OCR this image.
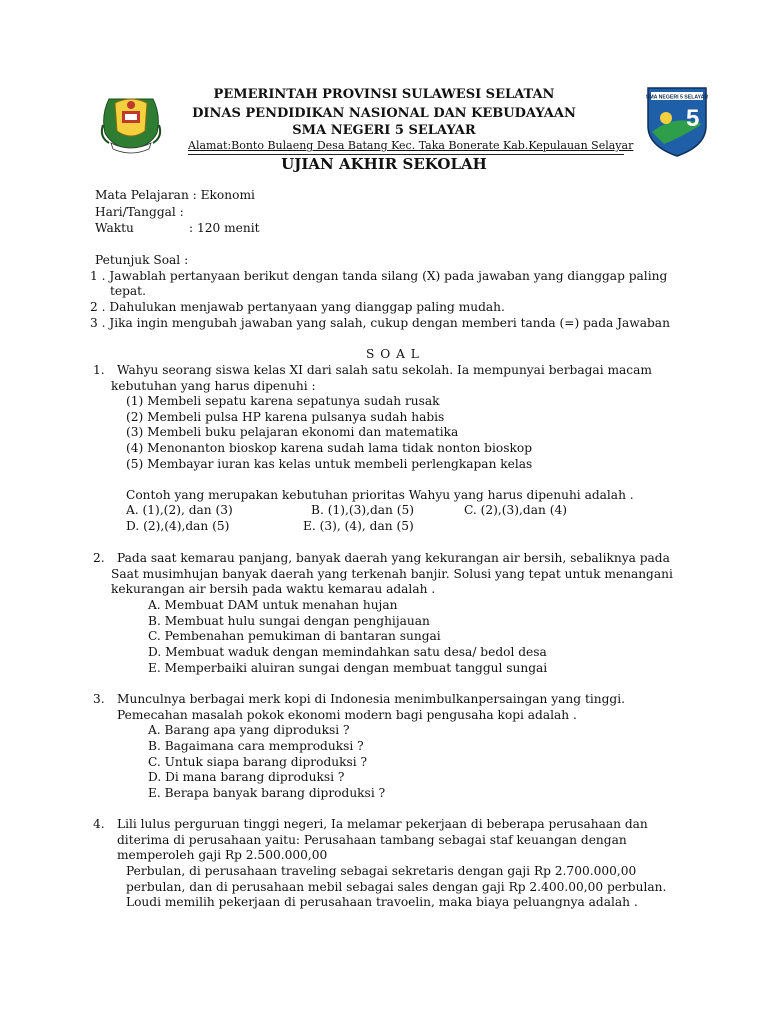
SMA NEGERI 5 SELAYAR
5
PEMERINTAH PROVINSI SULAWESI SELATAN
DINAS PENDIDIKAN NASIONAL DAN KEBUDAYAAN
SMA NEGERI 5 SELAYAR
Alamat:Bonto Bulaeng Desa Batang Kec. Taka Bonerate Kab.Kepulauan Selayar
UJIAN AKHIR SEKOLAH
Mata Pelajaran : Ekonomi
Hari/Tanggal :
Waktu	: 120 menit
Petunjuk Soal :
1 . Jawablah pertanyaan berikut dengan tanda silang (X) pada jawaban yang dianggap paling
tepat.
2 . Dahulukan menjawab pertanyaan yang dianggap paling mudah.
3 . Jika ingin mengubah jawaban yang salah, cukup dengan memberi tanda (=) pada Jawaban
S O A L
1. Wahyu seorang siswa kelas XI dari salah satu sekolah. Ia mempunyai berbagai macam
kebutuhan yang harus dipenuhi :
(1) Membeli sepatu karena sepatunya sudah rusak
(2) Membeli pulsa HP karena pulsanya sudah habis
(3) Membeli buku pelajaran ekonomi dan matematika
(4) Menonanton bioskop karena sudah lama tidak nonton bioskop
(5) Membayar iuran kas kelas untuk membeli perlengkapan kelas
Contoh yang merupakan kebutuhan prioritas Wahyu yang harus dipenuhi adalah .
A. (1),(2), dan (3)	B. (1),(3),dan (5)	C. (2),(3),dan (4)
D. (2),(4),dan (5)	E. (3), (4), dan (5)
2. Pada saat kemarau panjang, banyak daerah yang kekurangan air bersih, sebaliknya pada
Saat musimhujan banyak daerah yang terkenah banjir. Solusi yang tepat untuk menangani
kekurangan air bersih pada waktu kemarau adalah .
A. Membuat DAM untuk menahan hujan
B. Membuat hulu sungai dengan penghijauan
C. Pembenahan pemukiman di bantaran sungai
D. Membuat waduk dengan memindahkan satu desa/ bedol desa
E. Memperbaiki aluiran sungai dengan membuat tanggul sungai
3. Munculnya berbagai merk kopi di Indonesia menimbulkanpersaingan yang tinggi.
Pemecahan masalah pokok ekonomi modern bagi pengusaha kopi adalah .
A. Barang apa yang diproduksi ?
B. Bagaimana cara memproduksi ?
C. Untuk siapa barang diproduksi ?
D. Di mana barang diproduksi ?
E. Berapa banyak barang diproduksi ?
4. Lili lulus perguruan tinggi negeri, Ia melamar pekerjaan di beberapa perusahaan dan
diterima di perusahaan yaitu: Perusahaan tambang sebagai staf keuangan dengan
memperoleh gaji Rp 2.500.000,00
Perbulan, di perusahaan traveling sebagai sekretaris dengan gaji Rp 2.700.000,00
perbulan, dan di perusahaan mebil sebagai sales dengan gaji Rp 2.400.00,00 perbulan.
Loudi memilih pekerjaan di perusahaan travoelin, maka biaya peluangnya adalah .
